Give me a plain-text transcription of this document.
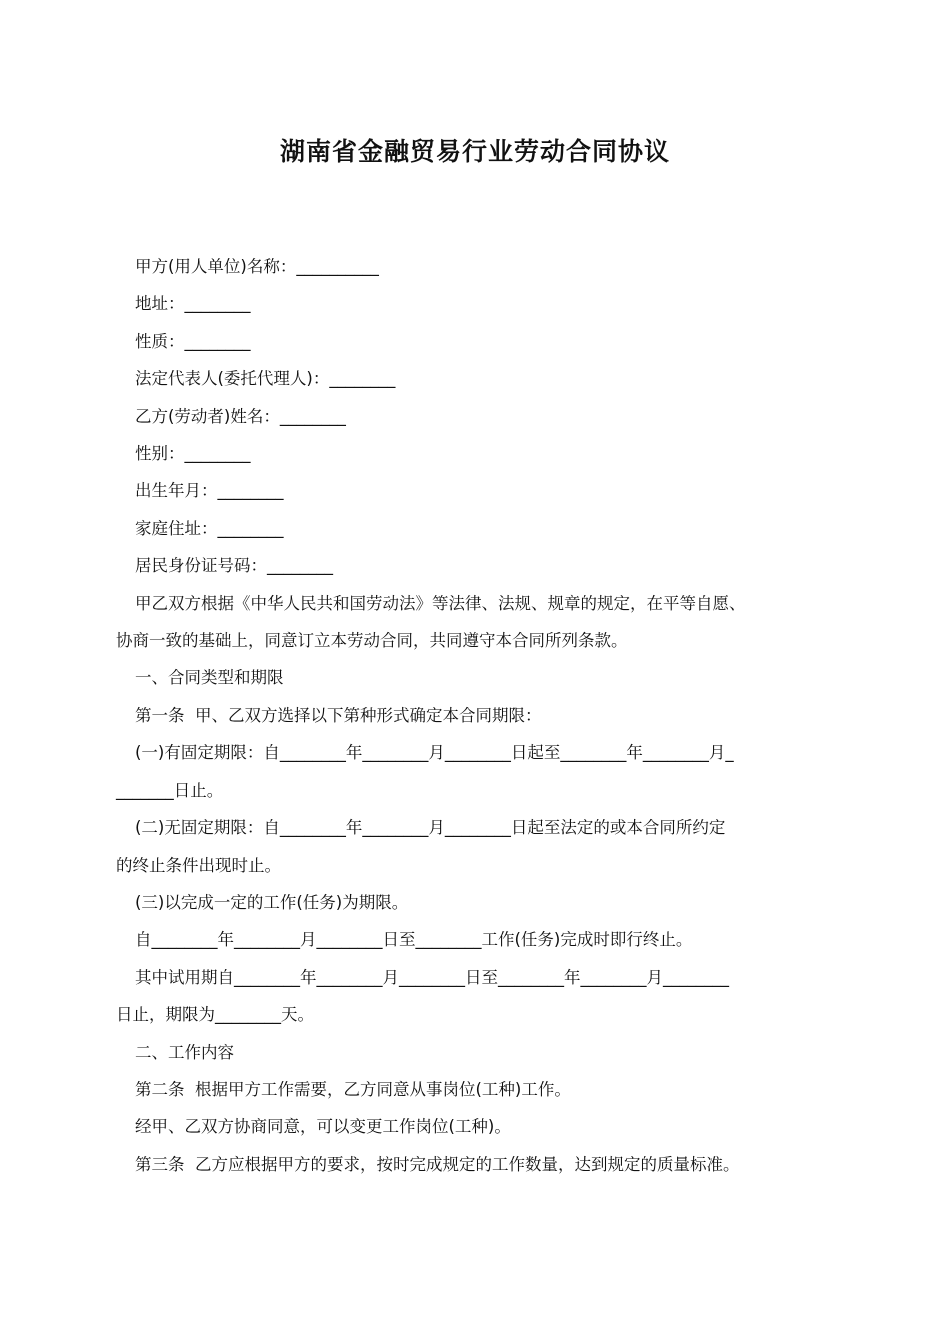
湖南省金融贸易行业劳动合同协议

甲方(用人单位)名称：__________

地址：________

性质：________

法定代表人(委托代理人)：________

乙方(劳动者)姓名：________

性别：________

出生年月：________

家庭住址：________

居民身份证号码：________

甲乙双方根据《中华人民共和国劳动法》等法律、法规、规章的规定，在平等自愿、

协商一致的基础上，同意订立本劳动合同，共同遵守本合同所列条款。

一、合同类型和期限

第一条  甲、乙双方选择以下第种形式确定本合同期限：

(一)有固定期限：自________年________月________日起至________年________月_

_______日止。

(二)无固定期限：自________年________月________日起至法定的或本合同所约定

的终止条件出现时止。

(三)以完成一定的工作(任务)为期限。

自________年________月________日至________工作(任务)完成时即行终止。

其中试用期自________年________月________日至________年________月________

日止，期限为________天。

二、工作内容

第二条  根据甲方工作需要，乙方同意从事岗位(工种)工作。

经甲、乙双方协商同意，可以变更工作岗位(工种)。

第三条  乙方应根据甲方的要求，按时完成规定的工作数量，达到规定的质量标准。
